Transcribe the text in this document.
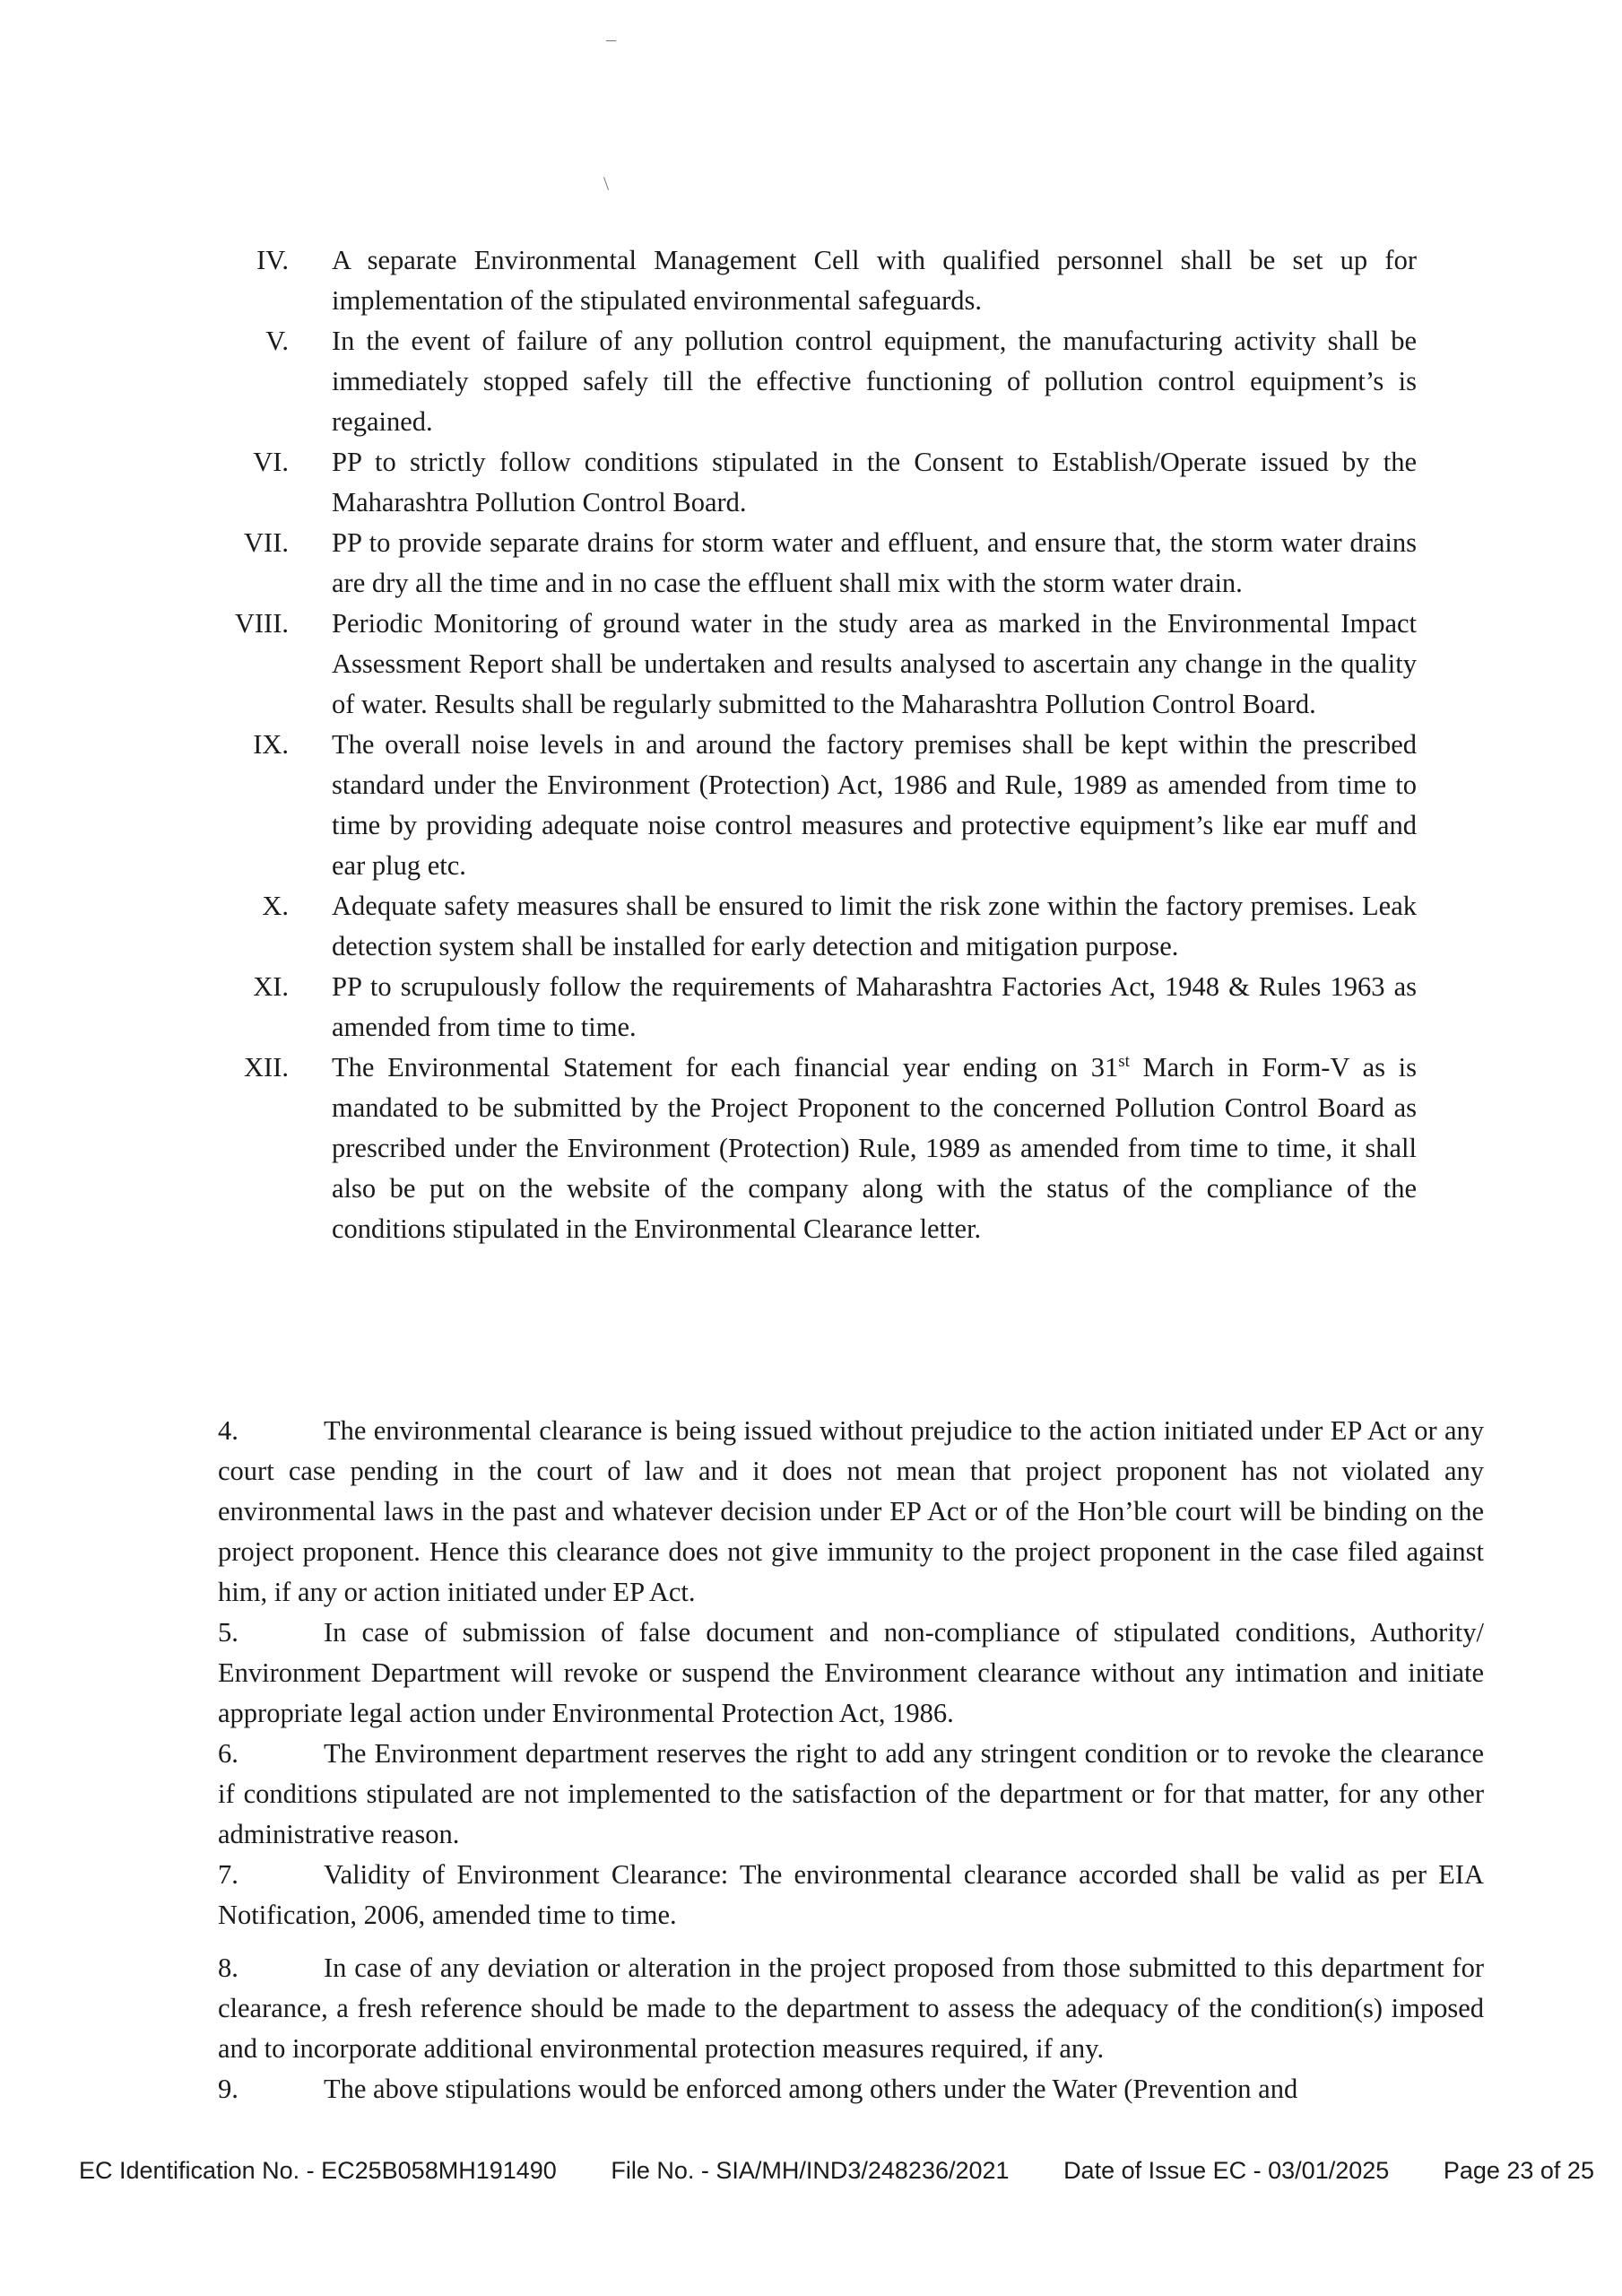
¯
\
IV.	A separate Environmental Management Cell with qualified personnel shall be set up for implementation of the stipulated environmental safeguards.
V.	In the event of failure of any pollution control equipment, the manufacturing activity shall be immediately stopped safely till the effective functioning of pollution control equipment’s is regained.
VI.	PP to strictly follow conditions stipulated in the Consent to Establish/Operate issued by the Maharashtra Pollution Control Board.
VII.	PP to provide separate drains for storm water and effluent, and ensure that, the storm water drains are dry all the time and in no case the effluent shall mix with the storm water drain.
VIII.	Periodic Monitoring of ground water in the study area as marked in the Environmental Impact Assessment Report shall be undertaken and results analysed to ascertain any change in the quality of water. Results shall be regularly submitted to the Maharashtra Pollution Control Board.
IX.	The overall noise levels in and around the factory premises shall be kept within the prescribed standard under the Environment (Protection) Act, 1986 and Rule, 1989 as amended from time to time by providing adequate noise control measures and protective equipment’s like ear muff and ear plug etc.
X.	Adequate safety measures shall be ensured to limit the risk zone within the factory premises. Leak detection system shall be installed for early detection and mitigation purpose.
XI.	PP to scrupulously follow the requirements of Maharashtra Factories Act, 1948 & Rules 1963 as amended from time to time.
XII.	The Environmental Statement for each financial year ending on 31st March in Form-V as is mandated to be submitted by the Project Proponent to the concerned Pollution Control Board as prescribed under the Environment (Protection) Rule, 1989 as amended from time to time, it shall also be put on the website of the company along with the status of the compliance of the conditions stipulated in the Environmental Clearance letter.
4.	The environmental clearance is being issued without prejudice to the action initiated under EP Act or any court case pending in the court of law and it does not mean that project proponent has not violated any environmental laws in the past and whatever decision under EP Act or of the Hon’ble court will be binding on the project proponent. Hence this clearance does not give immunity to the project proponent in the case filed against him, if any or action initiated under EP Act.
5.	In case of submission of false document and non-compliance of stipulated conditions, Authority/ Environment Department will revoke or suspend the Environment clearance without any intimation and initiate appropriate legal action under Environmental Protection Act, 1986.
6.	The Environment department reserves the right to add any stringent condition or to revoke the clearance if conditions stipulated are not implemented to the satisfaction of the department or for that matter, for any other administrative reason.
7.	Validity of Environment Clearance: The environmental clearance accorded shall be valid as per EIA Notification, 2006, amended time to time.
8.	In case of any deviation or alteration in the project proposed from those submitted to this department for clearance, a fresh reference should be made to the department to assess the adequacy of the condition(s) imposed and to incorporate additional environmental protection measures required, if any.
9.	The above stipulations would be enforced among others under the Water (Prevention and
EC Identification No. - EC25B058MH191490 File No. - SIA/MH/IND3/248236/2021 Date of Issue EC - 03/01/2025 Page 23 of 25
